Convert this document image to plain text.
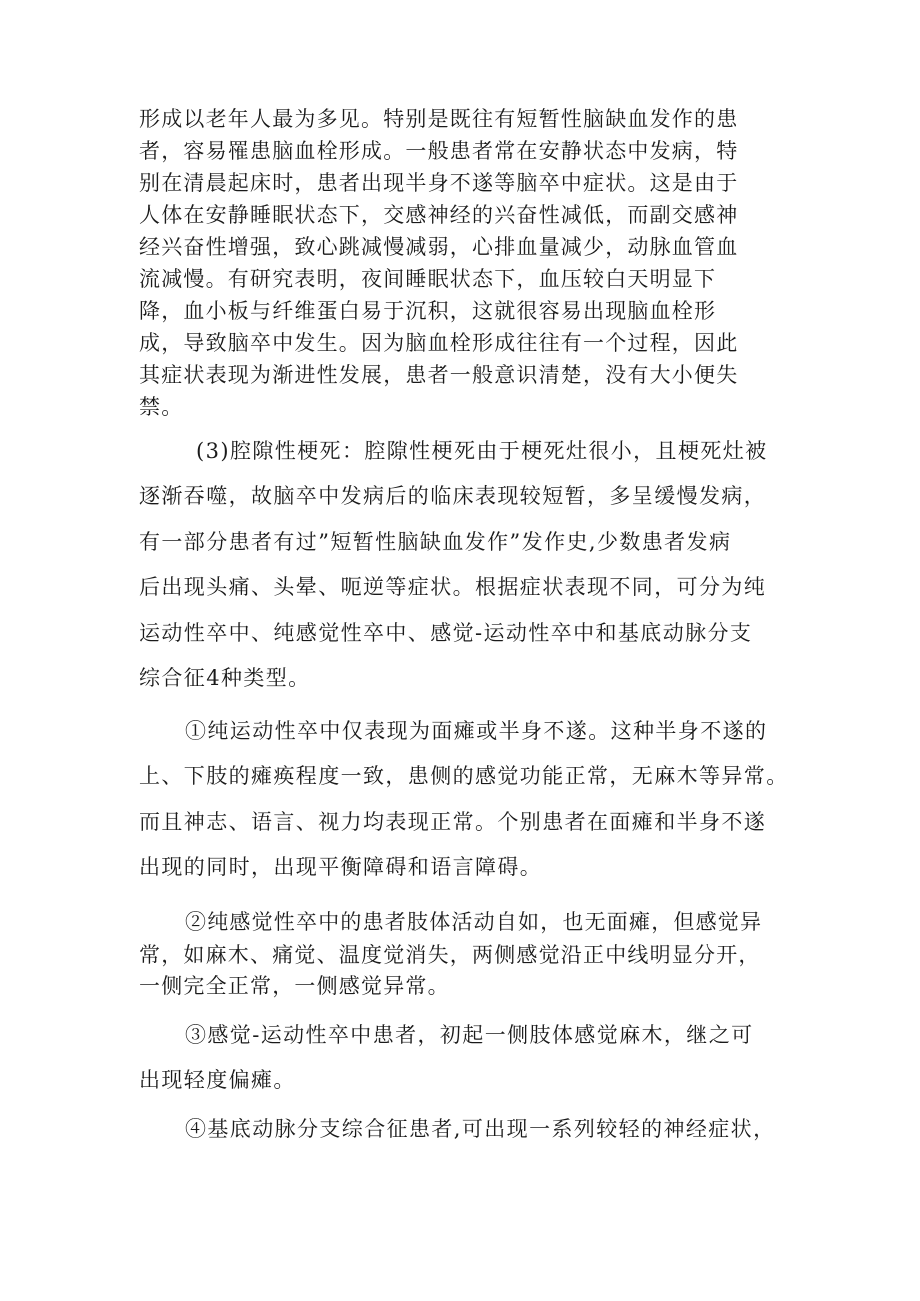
形成以老年人最为多见。特别是既往有短暂性脑缺血发作的患
者，容易罹患脑血栓形成。一般患者常在安静状态中发病，特
别在清晨起床时，患者出现半身不遂等脑卒中症状。这是由于
人体在安静睡眠状态下，交感神经的兴奋性减低，而副交感神
经兴奋性增强，致心跳减慢减弱，心排血量减少，动脉血管血
流减慢。有研究表明，夜间睡眠状态下，血压较白天明显下
降，血小板与纤维蛋白易于沉积，这就很容易出现脑血栓形
成，导致脑卒中发生。因为脑血栓形成往往有一个过程，因此
其症状表现为渐进性发展，患者一般意识清楚，没有大小便失
禁。
(3)腔隙性梗死：腔隙性梗死由于梗死灶很小，且梗死灶被
逐渐吞噬，故脑卒中发病后的临床表现较短暂，多呈缓慢发病，
有一部分患者有过”短暂性脑缺血发作”发作史,少数患者发病
后出现头痛、头晕、呃逆等症状。根据症状表现不同，可分为纯
运动性卒中、纯感觉性卒中、感觉-运动性卒中和基底动脉分支
综合征4种类型。
①纯运动性卒中仅表现为面瘫或半身不遂。这种半身不遂的
上、下肢的瘫痪程度一致，患侧的感觉功能正常，无麻木等异常。
而且神志、语言、视力均表现正常。个别患者在面瘫和半身不遂
出现的同时，出现平衡障碍和语言障碍。
②纯感觉性卒中的患者肢体活动自如，也无面瘫，但感觉异
常，如麻木、痛觉、温度觉消失，两侧感觉沿正中线明显分开，
一侧完全正常，一侧感觉异常。
③感觉-运动性卒中患者，初起一侧肢体感觉麻木，继之可
出现轻度偏瘫。
④基底动脉分支综合征患者,可出现一系列较轻的神经症状，
